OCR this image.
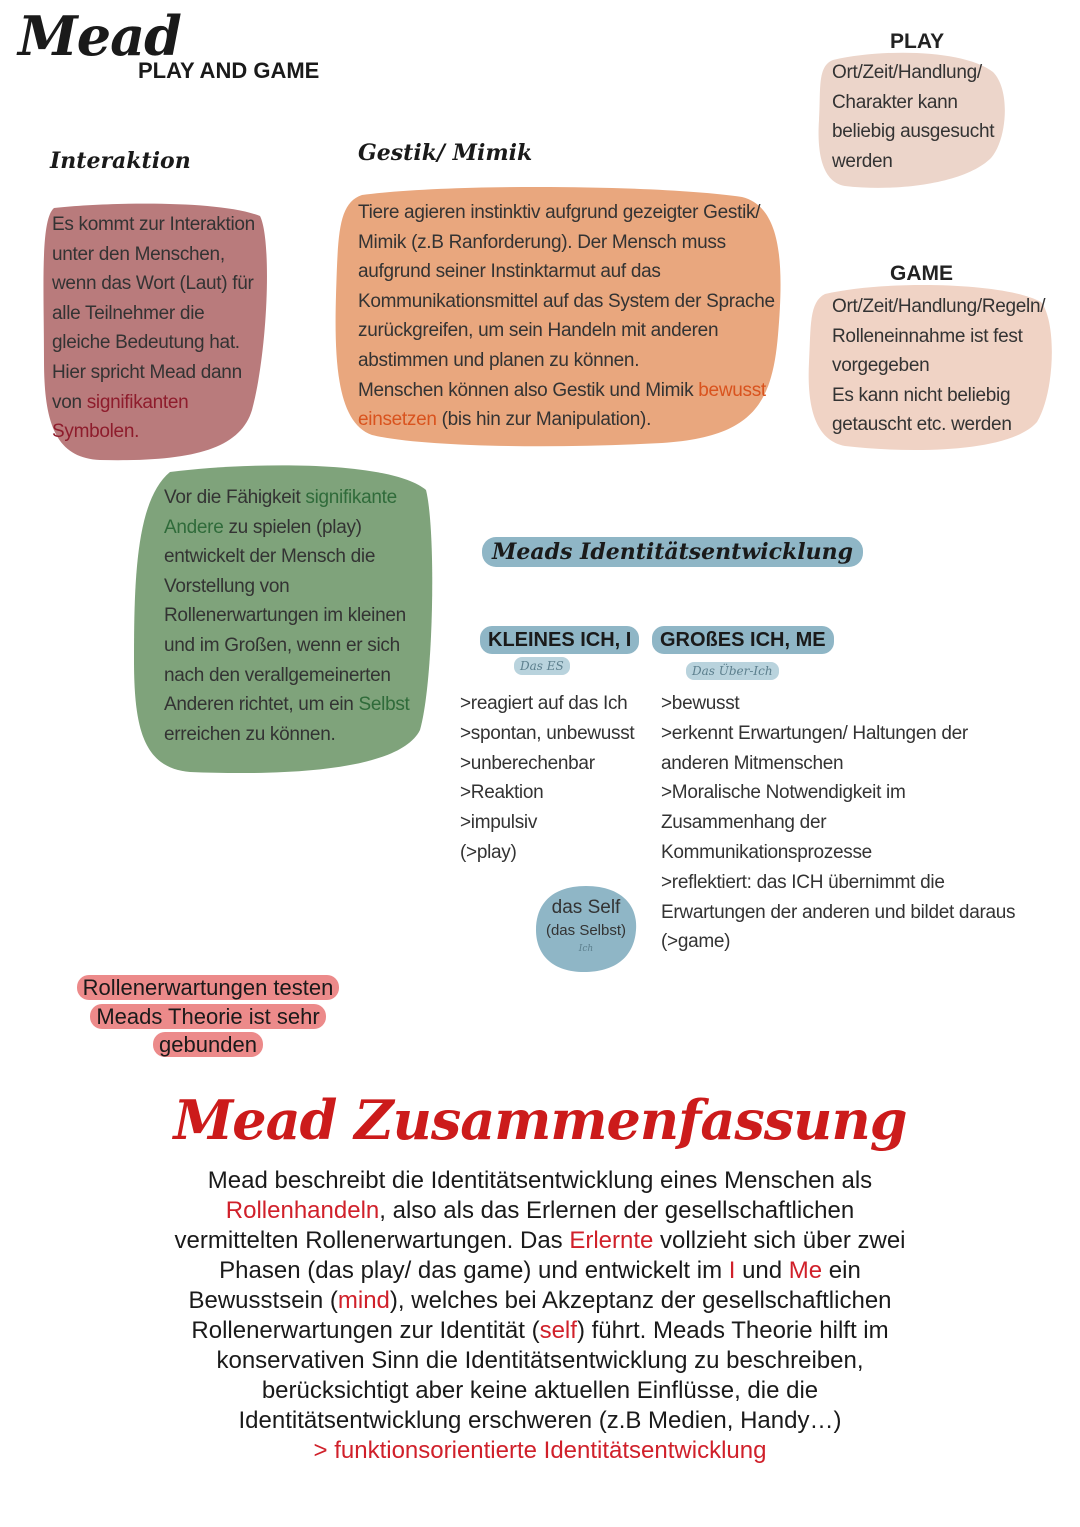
Mead
PLAY AND GAME
PLAY
Ort/Zeit/Handlung/
Charakter kann
beliebig ausgesucht
werden
GAME
Ort/Zeit/Handlung/Regeln/
Rolleneinnahme ist fest
vorgegeben
Es kann nicht beliebig
getauscht etc. werden
Interaktion
Es kommt zur Interaktion
unter den Menschen,
wenn das Wort (Laut) für
alle Teilnehmer die
gleiche Bedeutung hat.
Hier spricht Mead dann
von signifikanten
Symbolen.
Gestik/ Mimik
Tiere agieren instinktiv aufgrund gezeigter Gestik/
Mimik (z.B Ranforderung). Der Mensch muss
aufgrund seiner Instinktarmut auf das
Kommunikationsmittel auf das System der Sprache
zurückgreifen, um sein Handeln mit anderen
abstimmen und planen zu können.
Menschen können also Gestik und Mimik bewusst
einsetzen (bis hin zur Manipulation).
Vor die Fähigkeit signifikante
Andere zu spielen (play)
entwickelt der Mensch die
Vorstellung von
Rollenerwartungen im kleinen
und im Großen, wenn er sich
nach den verallgemeinerten
Anderen richtet, um ein Selbst
erreichen zu können.
Meads Identitätsentwicklung
KLEINES ICH, I
Das ES
GROßES ICH, ME
Das Über-Ich
>reagiert auf das Ich
>spontan, unbewusst
>unberechenbar
>Reaktion
>impulsiv
(>play)
>bewusst
>erkennt Erwartungen/ Haltungen der
anderen Mitmenschen
>Moralische Notwendigkeit im
Zusammenhang der
Kommunikationsprozesse
>reflektiert: das ICH übernimmt die
Erwartungen der anderen und bildet daraus
(>game)
das Self
(das Selbst)
Ich
Rollenerwartungen testen
Meads Theorie ist sehr
gebunden
Mead Zusammenfassung
Mead beschreibt die Identitätsentwicklung eines Menschen als
Rollenhandeln, also als das Erlernen der gesellschaftlichen
vermittelten Rollenerwartungen. Das Erlernte vollzieht sich über zwei
Phasen (das play/ das game) und entwickelt im I und Me ein
Bewusstsein (mind), welches bei Akzeptanz der gesellschaftlichen
Rollenerwartungen zur Identität (self) führt. Meads Theorie hilft im
konservativen Sinn die Identitätsentwicklung zu beschreiben,
berücksichtigt aber keine aktuellen Einflüsse, die die
Identitätsentwicklung erschweren (z.B Medien, Handy…)
> funktionsorientierte Identitätsentwicklung
